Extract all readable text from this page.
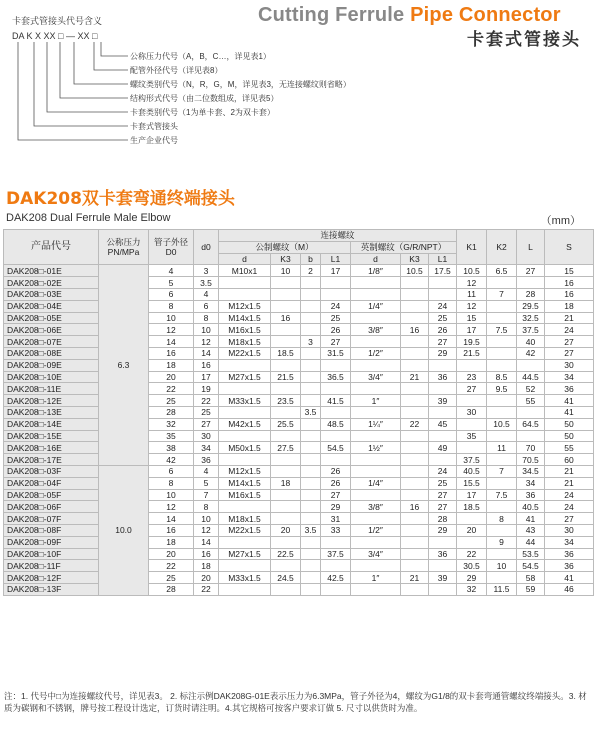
Cutting Ferrule Pipe Connector
卡套式管接头
卡套式管接头代号含义
DA K X XX □ — XX □
公称压力代号（A，B，C…，详见表1）
配管外径代号（详见表8）
螺纹类别代号（N，R，G，M，详见表3，无连接螺纹则省略）
结构形式代号（由二位数组成，详见表5）
卡套类别代号（1为单卡套、2为双卡套）
卡套式管接头
生产企业代号
DAK208双卡套弯通终端接头
DAK208 Dual Ferrule Male Elbow	（mm）
产品代号	公称压力PN/MPa	管子外径D0	d0	连接螺纹							K1	K2	L	S
				公制螺纹（M）				英制螺纹（G/R/NPT）						
				d	K3	b	L1	d	K3	L1				
DAK208□-01E	6.3	4	3	M10x1	10	2	17	1/8″	10.5	17.5	10.5	6.5	27	15
DAK208□-02E		5	3.5								12			16
DAK208□-03E		6	4								11	7	28	16
DAK208□-04E		8	6	M12x1.5			24	1/4″		24	12		29.5	18
DAK208□-05E		10	8	M14x1.5	16		25			25	15		32.5	21
DAK208□-06E		12	10	M16x1.5			26	3/8″	16	26	17	7.5	37.5	24
DAK208□-07E		14	12	M18x1.5		3	27			27	19.5		40	27
DAK208□-08E		16	14	M22x1.5	18.5		31.5	1/2″		29	21.5		42	27
DAK208□-09E		18	16											30
DAK208□-10E		20	17	M27x1.5	21.5		36.5	3/4″	21	36	23	8.5	44.5	34
DAK208□-11E		22	19								27	9.5	52	36
DAK208□-12E		25	22	M33x1.5	23.5		41.5	1″		39			55	41
DAK208□-13E		28	25			3.5					30			41
DAK208□-14E		32	27	M42x1.5	25.5		48.5	1¼″	22	45		10.5	64.5	50
DAK208□-15E		35	30								35			50
DAK208□-16E		38	34	M50x1.5	27.5		54.5	1½″		49		11	70	55
DAK208□-17E		42	36								37.5		70.5	60
DAK208□-03F	10.0	6	4	M12x1.5			26			24	40.5	7	34.5	21
DAK208□-04F		8	5	M14x1.5	18		26	1/4″		25	15.5		34	21
DAK208□-05F		10	7	M16x1.5			27			27	17	7.5	36	24
DAK208□-06F		12	8				29	3/8″	16	27	18.5		40.5	24
DAK208□-07F		14	10	M18x1.5			31			28		8	41	27
DAK208□-08F		16	12	M22x1.5	20	3.5	33	1/2″		29	20		43	30
DAK208□-09F		18	14									9	44	34
DAK208□-10F		20	16	M27x1.5	22.5		37.5	3/4″		36	22		53.5	36
DAK208□-11F		22	18								30.5	10	54.5	36
DAK208□-12F		25	20	M33x1.5	24.5		42.5	1″	21	39	29		58	41
DAK208□-13F		28	22								32	11.5	59	46
注：1. 代号中□为连接螺纹代号，详见表3。 2. 标注示例DAK208G-01E表示压力为6.3MPa，管子外径为4，螺纹为G1/8的双卡套弯通管螺纹终端接头。3. 材质为碳钢和不锈钢，牌号按工程设计选定，订货时请注明。4.其它规格可按客户要求订做 5. 尺寸以供货时为准。
